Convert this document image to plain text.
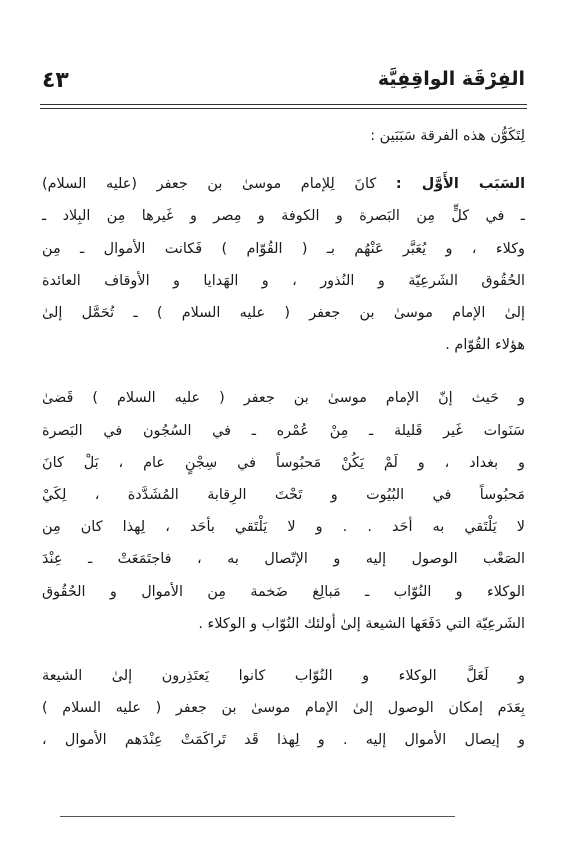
٤٣	الفِرْقَة الواقِفِيَّة

لِتَكَوُّن هذه الفرقة سَبَبَين :

السَبَب الأَوَّل : كانَ لِلإمام موسىٰ بن جعفر (عليه السلام)
ـ في كلٍّ مِن البَصرة و الكوفة و مِصر و غَيرها مِن البِلاد ـ
وكلاء ، و يُعَبَّر عَنْهُم بـ ( القُوّام ) فَكانت الأموال ـ مِن
الحُقُوق الشَرعِيّة و النُذور ، و الهَدايا و الأوقاف العائدة
إلىٰ الإمام موسىٰ بن جعفر ( عليه السلام ) ـ تُحَمَّل إلىٰ
هؤلاء القُوّام .

و حَيث إنّ الإمام موسىٰ بن جعفر ( عليه السلام ) قَضىٰ
سَنَوات غَير قَليلة ـ مِنْ عُمْره ـ في السُجُون في البَصرة
و بغداد ، و لَمْ يَكُنْ مَحبُوساً في سِجْنٍ عام ، بَلْ كانَ
مَحبُوساً في البُيُوت و تَحْتَ الرِقابة المُشَدَّدة ، لِكَيْ
لا يَلْتَقي به أحَد . . و لا يَلْتَقي بأحَد ، لِهذا كان مِن
الصَعْب الوصول إليه و الإتّصال به ، فاجتَمَعَتْ ـ عِنْدَ
الوكلاء و النُوّاب ـ مَبالِغ ضَخمة مِن الأموال و الحُقُوق
الشَرعِيّة التي دَفَعَها الشيعة إلىٰ أولئك النُوّاب و الوكلاء .

و لَعَلَّ الوكلاء و النُوّاب كانوا يَعتَذِرون إلىٰ الشيعة
بِعَدَم إمكان الوصول إلىٰ الإمام موسىٰ بن جعفر ( عليه السلام )
و إيصال الأموال إليه . و لِهذا قَد تَراكَمَتْ عِنْدَهم الأموال ،
